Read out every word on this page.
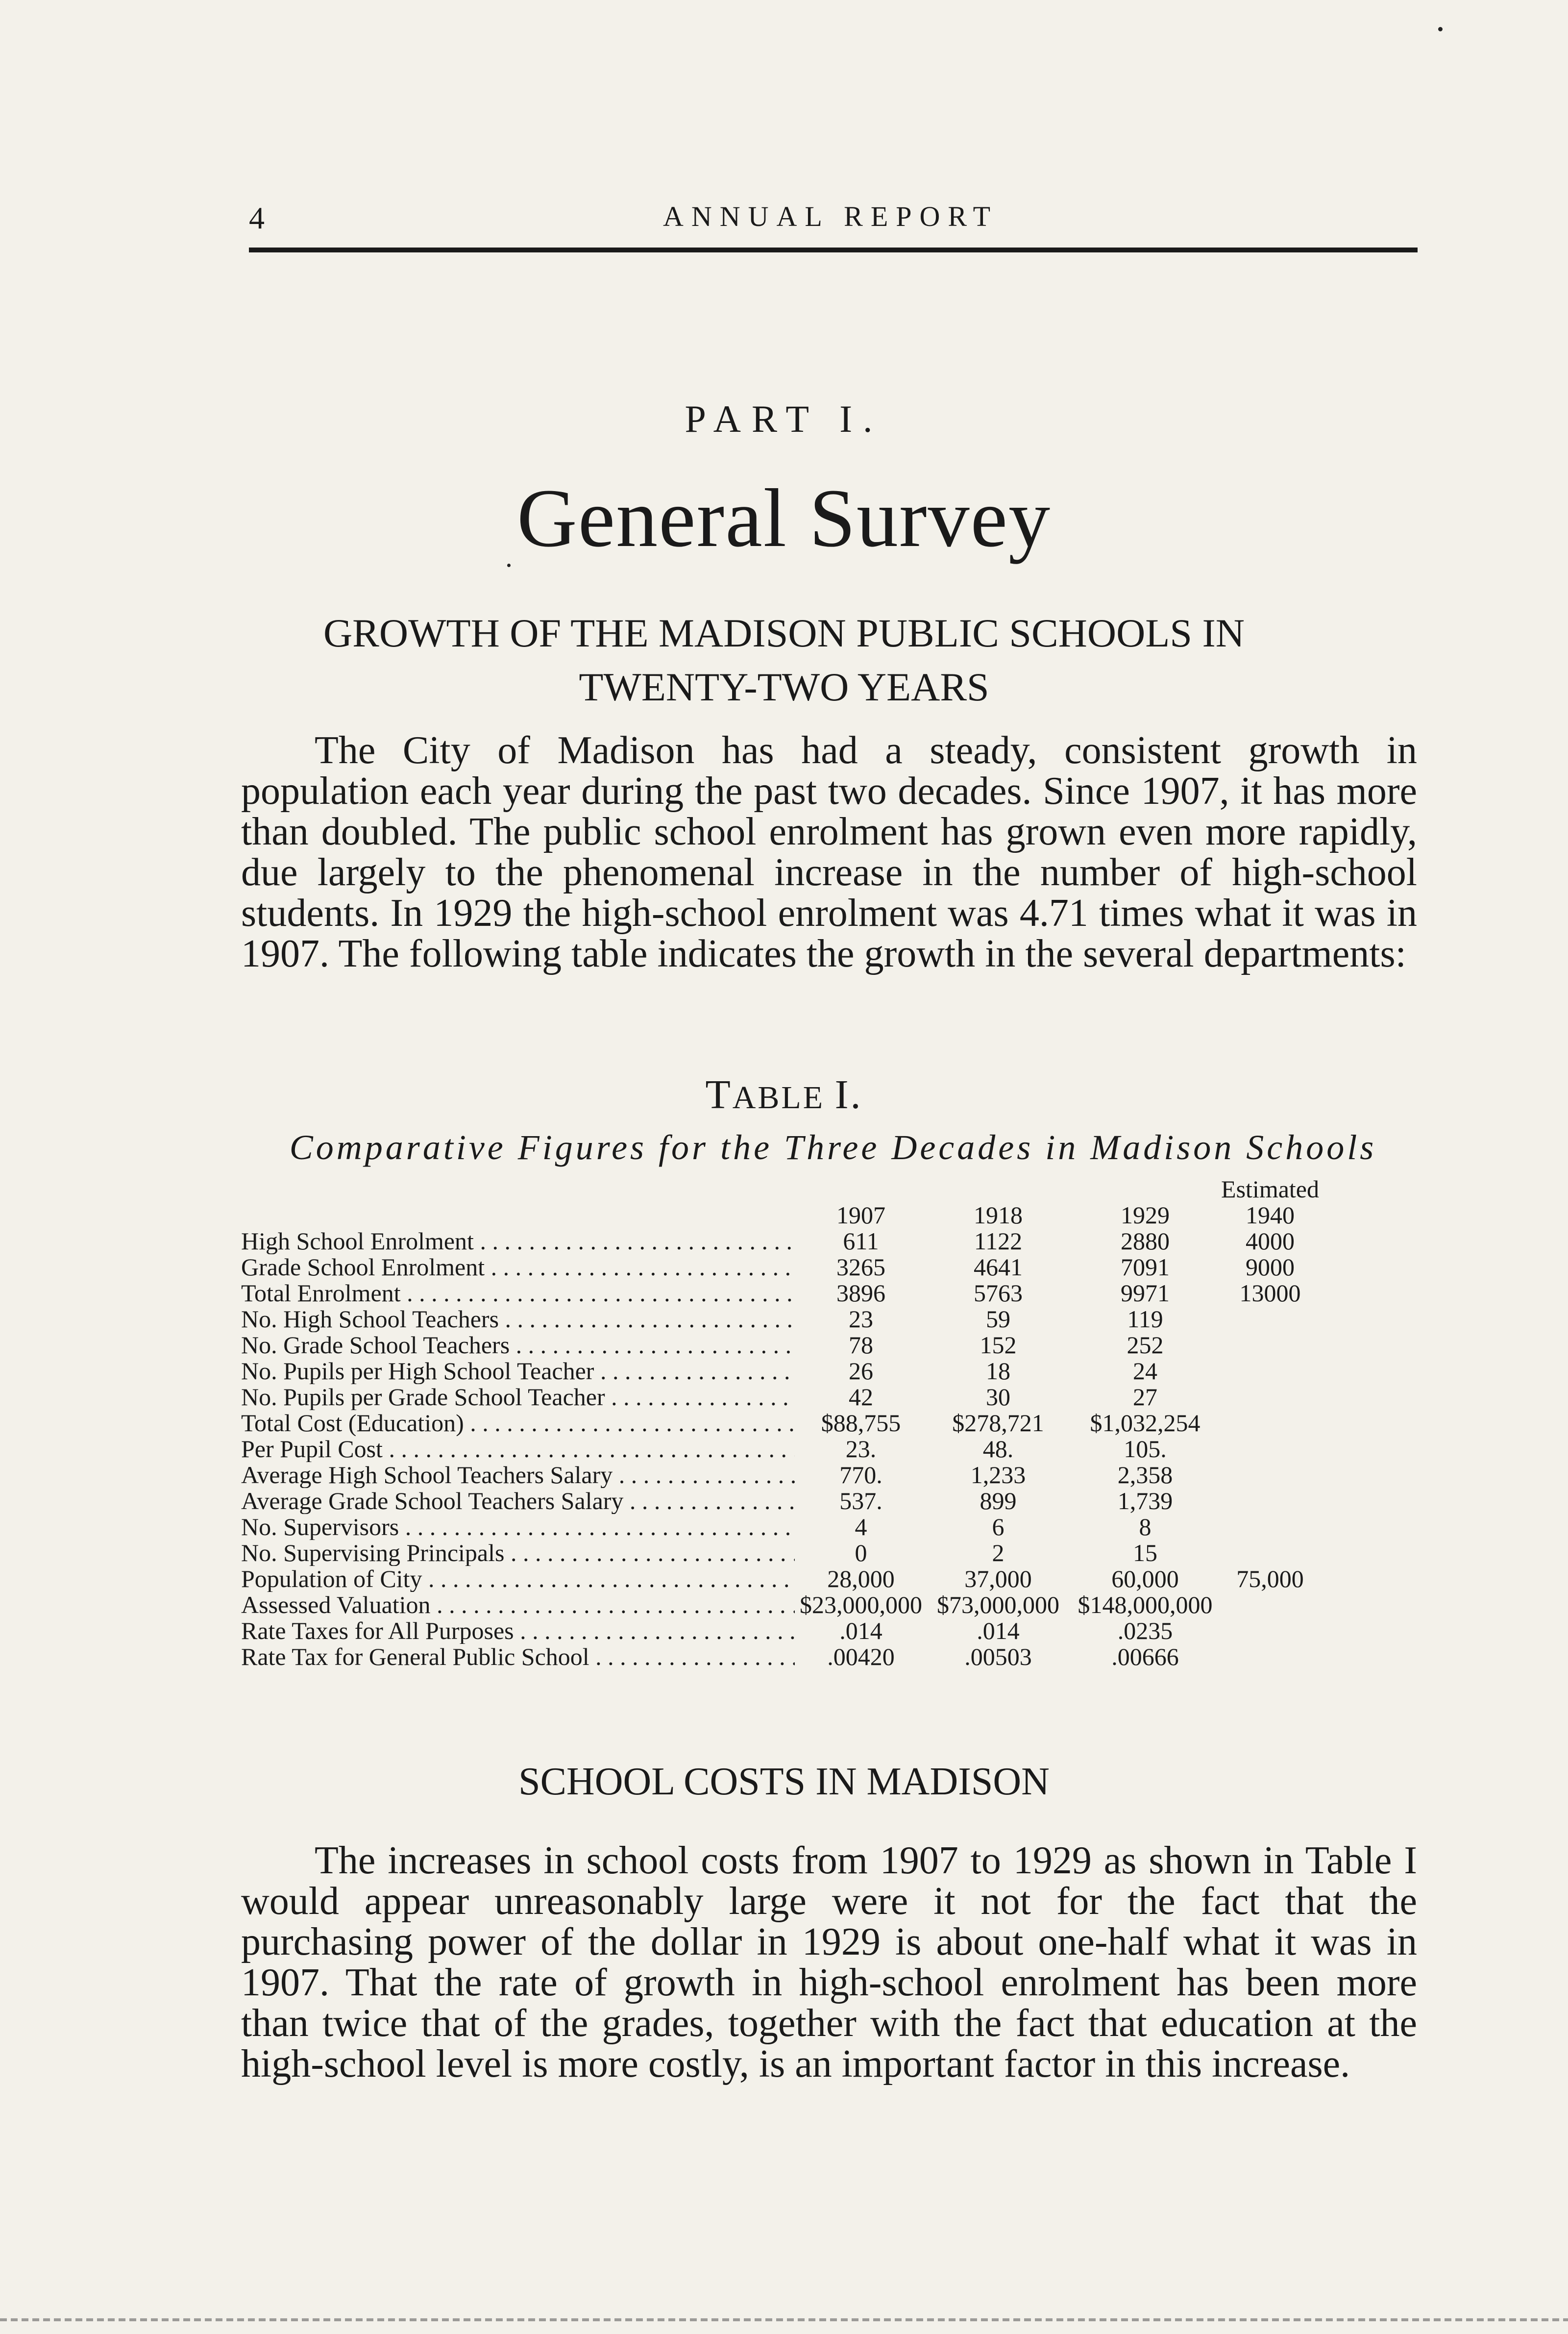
4	ANNUAL REPORT
PART I.
General Survey
GROWTH OF THE MADISON PUBLIC SCHOOLS IN
TWENTY-TWO YEARS

The City of Madison has had a steady, consistent growth in population each year during the past two decades. Since 1907, it has more than doubled. The public school enrolment has grown even more rapidly, due largely to the phenomenal increase in the number of high-school students. In 1929 the high-school enrolment was 4.71 times what it was in 1907. The following table indicates the growth in the several departments:

TABLE I.
Comparative Figures for the Three Decades in Madison Schools
Estimated
1907	1918	1929	1940
High School Enrolment . . .	611	1122	2880	4000
Grade School Enrolment . . .	3265	4641	7091	9000
Total Enrolment . . .	3896	5763	9971	13000
No. High School Teachers . . .	23	59	119
No. Grade School Teachers . . .	78	152	252
No. Pupils per High School Teacher . . .	26	18	24
No. Pupils per Grade School Teacher . . .	42	30	27
Total Cost (Education) . . .	$88,755	$278,721	$1,032,254
Per Pupil Cost . . .	23.	48.	105.
Average High School Teachers Salary . . .	770.	1,233	2,358
Average Grade School Teachers Salary . . .	537.	899	1,739
No. Supervisors . . .	4	6	8
No. Supervising Principals . . .	0	2	15
Population of City . . .	28,000	37,000	60,000	75,000
Assessed Valuation . . .	$23,000,000 $73,000,000 $148,000,000
Rate Taxes for All Purposes . . .	.014	.014	.0235
Rate Tax for General Public School . . .	.00420	.00503	.00666
SCHOOL COSTS IN MADISON

The increases in school costs from 1907 to 1929 as shown in Table I would appear unreasonably large were it not for the fact that the purchasing power of the dollar in 1929 is about one-half what it was in 1907. That the rate of growth in high-school enrolment has been more than twice that of the grades, together with the fact that education at the high-school level is more costly, is an important factor in this increase.
